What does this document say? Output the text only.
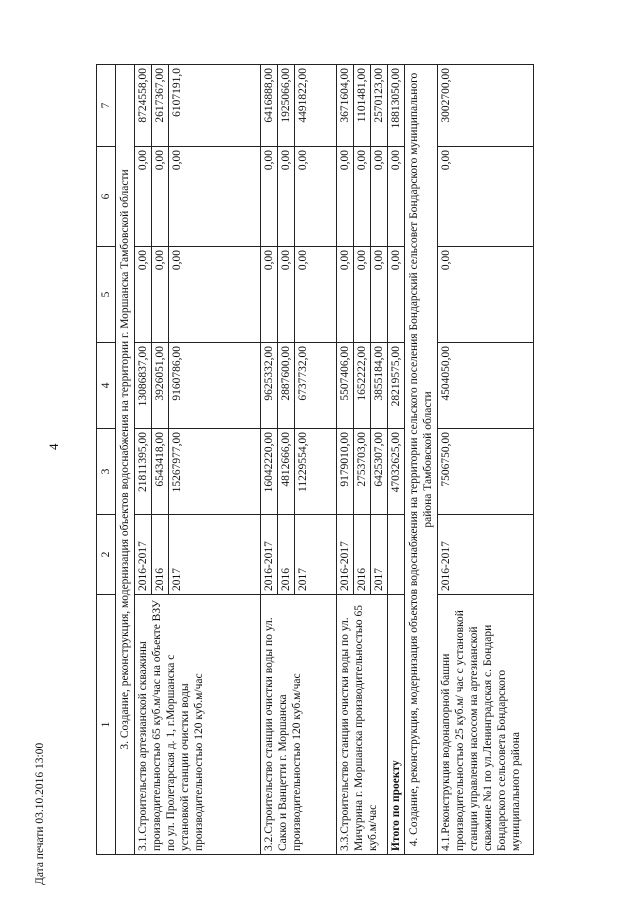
4
Дата печати 03.10.2016 13:00
1	2	3	4	5	6	7
3. Создание, реконструкция, модернизация объектов водоснабжения на территории г. Моршанска Тамбовской области						
3.1.Строительство артезианской скважины производительностью 65 куб.м/час на объекте ВЗУ по ул. Пролетарская д. 1, г.Моршанска с установкой станции очистки воды производительностью 120 куб.м/час	2016-2017	21811395,00	13086837,00	0,00	0,00	8724558,00
	2016	6543418,00	3926051,00	0,00	0,00	2617367,00
	2017	15267977,00	9160786,00	0,00	0,00	6107191,0
3.2.Строительство станции очистки воды по ул. Сакко и Ванцетти г. Моршанска производительностью 120 куб.м/час	2016-2017	16042220,00	9625332,00	0,00	0,00	6416888,00
	2016	4812666,00	2887600,00	0,00	0,00	1925066,00
	2017	11229554,00	6737732,00	0,00	0,00	4491822,00
3.3.Строительство станции очистки воды по ул. Мичурина г. Моршанска производительностью 65 куб.м/час	2016-2017	9179010,00	5507406,00	0,00	0,00	3671604,00
	2016	2753703,00	1652222,00	0,00	0,00	1101481,00
	2017	6425307,00	3855184,00	0,00	0,00	2570123,00
Итого по проекту		47032625,00	28219575,00	0,00	0,00	18813050,00
4. Создание, реконструкция, модернизация объектов водоснабжения на территории сельского поселения Бондарский сельсовет Бондарского муниципального района Тамбовской области						
4.1.Реконструкция водонапорной башни производительностью 25 куб.м/ час с установкой станции управления насосом на артезианской скважине №1 по ул.Ленинградская с. Бондари Бондарского сельсовета Бондарского муниципального района	2016-2017	7506750,00	4504050,00	0,00	0,00	3002700,00
